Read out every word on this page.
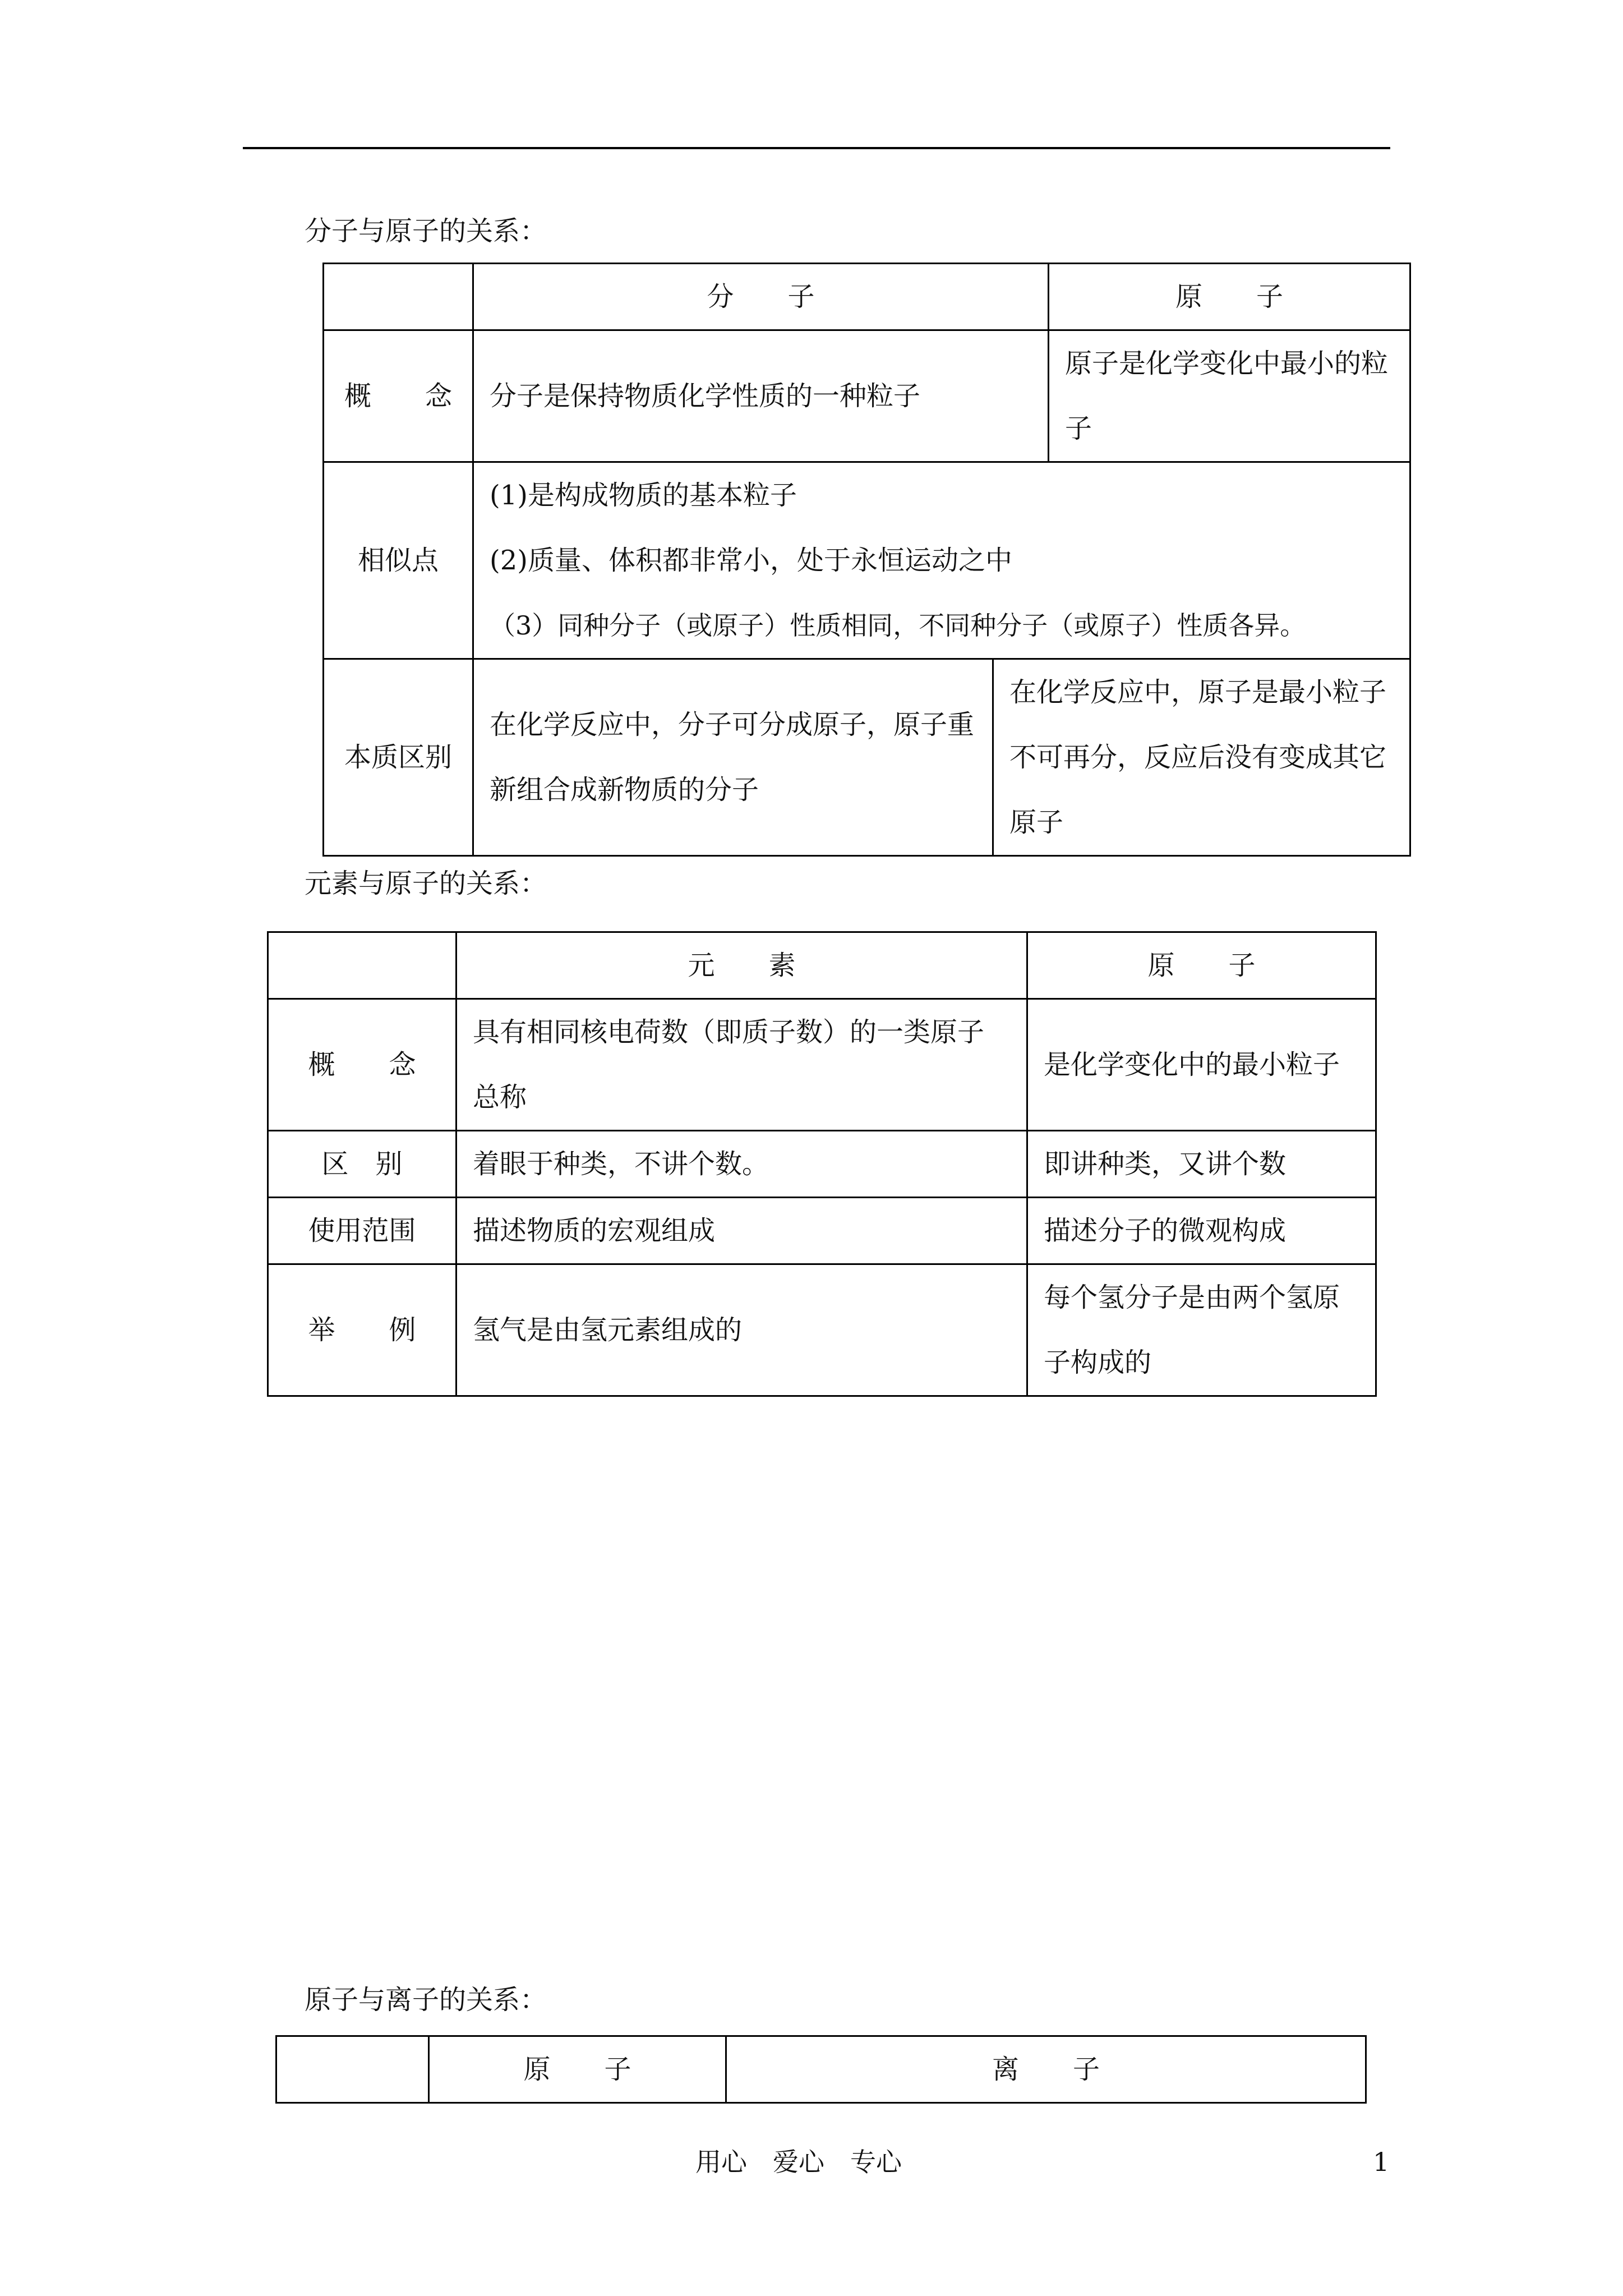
分子与原子的关系：
	分　　子		原　　子
概　　念	分子是保持物质化学性质的一种粒子		原子是化学变化中最小的粒子
相似点	(1)是构成物质的基本粒子
(2)质量、体积都非常小，处于永恒运动之中
（3）同种分子（或原子）性质相同，不同种分子（或原子）性质各异。		

本质区别	在化学反应中，分子可分成原子，原子重新组合成新物质的分子	在化学反应中，原子是最小粒子不可再分，反应后没有变成其它原子	
元素与原子的关系：
	元　　素	原　　子
概　　念	具有相同核电荷数（即质子数）的一类原子总称	是化学变化中的最小粒子
区　别	着眼于种类，不讲个数。	即讲种类，又讲个数
使用范围	描述物质的宏观组成	描述分子的微观构成
举　　例	氢气是由氢元素组成的	每个氢分子是由两个氢原子构成的
原子与离子的关系：
	原　　子	离　　子
用心　爱心　专心	1
